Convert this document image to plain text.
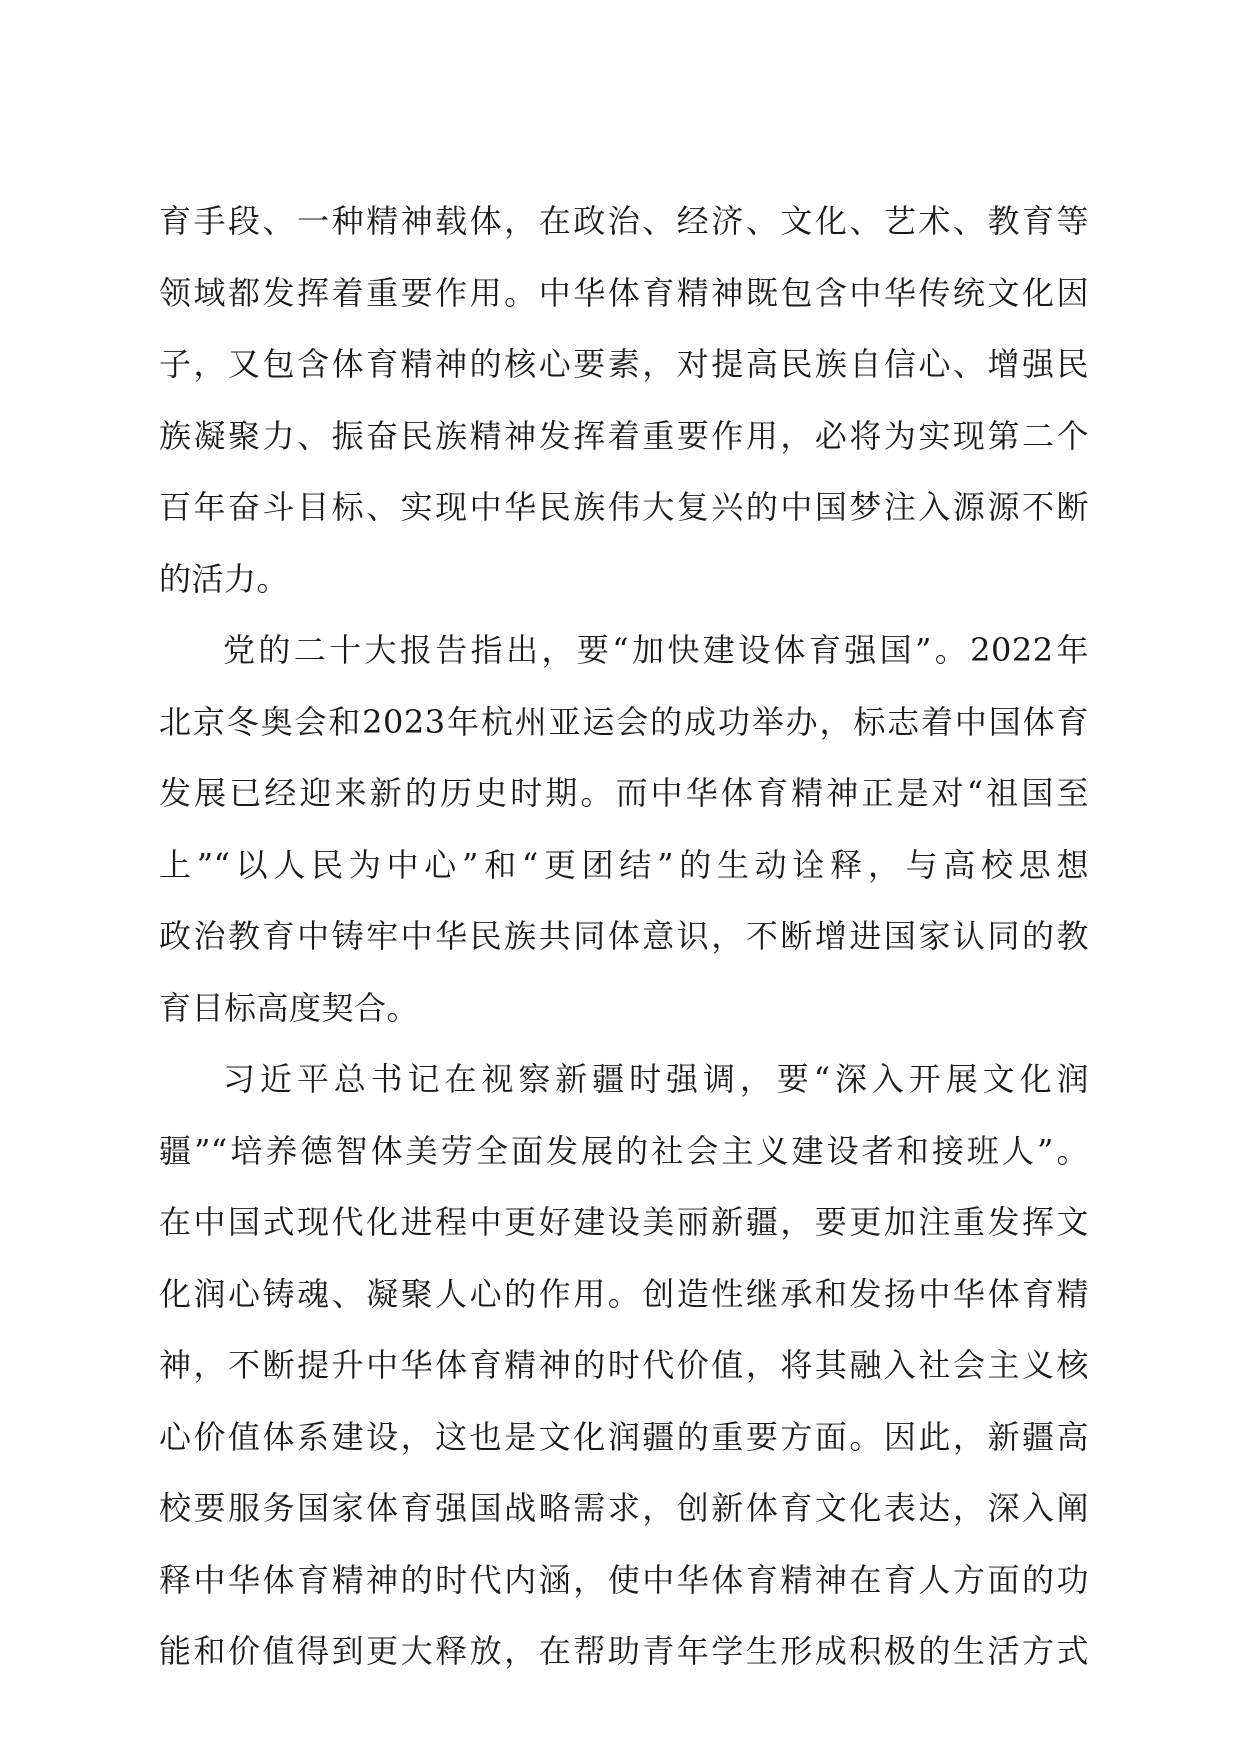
育手段、一种精神载体，在政治、经济、文化、艺术、教育等
领域都发挥着重要作用。中华体育精神既包含中华传统文化因
子，又包含体育精神的核心要素，对提高民族自信心、增强民
族凝聚力、振奋民族精神发挥着重要作用，必将为实现第二个
百年奋斗目标、实现中华民族伟大复兴的中国梦注入源源不断
的活力。
党的二十大报告指出，要“加快建设体育强国”。2022年
北京冬奥会和2023年杭州亚运会的成功举办，标志着中国体育
发展已经迎来新的历史时期。而中华体育精神正是对“祖国至
上”“以人民为中心”和“更团结”的生动诠释，与高校思想
政治教育中铸牢中华民族共同体意识，不断增进国家认同的教
育目标高度契合。
习近平总书记在视察新疆时强调，要“深入开展文化润
疆”“培养德智体美劳全面发展的社会主义建设者和接班人”。
在中国式现代化进程中更好建设美丽新疆，要更加注重发挥文
化润心铸魂、凝聚人心的作用。创造性继承和发扬中华体育精
神，不断提升中华体育精神的时代价值，将其融入社会主义核
心价值体系建设，这也是文化润疆的重要方面。因此，新疆高
校要服务国家体育强国战略需求，创新体育文化表达，深入阐
释中华体育精神的时代内涵，使中华体育精神在育人方面的功
能和价值得到更大释放，在帮助青年学生形成积极的生活方式
